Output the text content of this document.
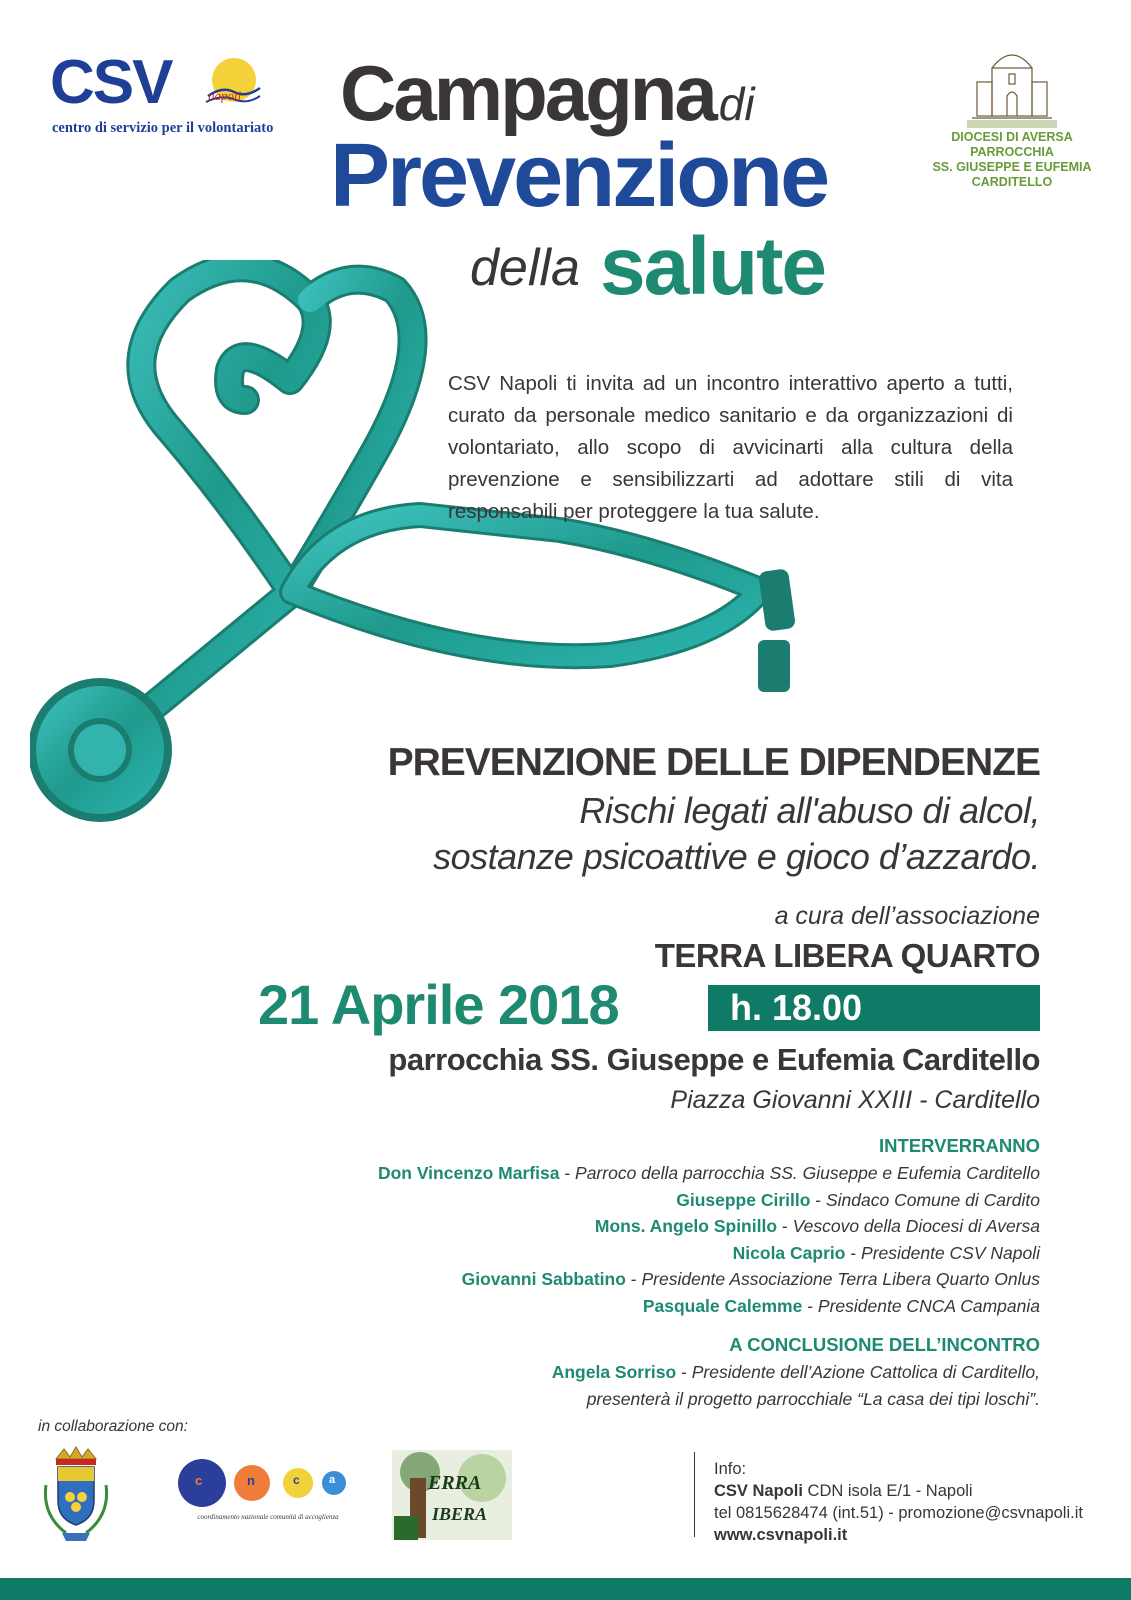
CSV	napoli
centro di servizio per il volontariato Campagnadi
Prevenzione
della salute
DIOCESI DI AVERSA
PARROCCHIA
SS. GIUSEPPE E EUFEMIA
CARDITELLO
CSV Napoli ti invita ad un incontro interattivo aperto a tutti, curato da personale medico sanitario e da organizzazioni di volontariato, allo scopo di avvicinarti alla cultura della prevenzione e sensibilizzarti ad adottare stili di vita responsabili per proteggere la tua salute.
PREVENZIONE DELLE DIPENDENZE
Rischi legati all'abuso di alcol,
sostanze psicoattive e gioco d’azzardo.
a cura dell’associazione
TERRA LIBERA QUARTO
21 Aprile 2018	h. 18.00
parrocchia SS. Giuseppe e Eufemia Carditello
Piazza Giovanni XXIII - Carditello
INTERVERRANNO
Don Vincenzo Marfisa - Parroco della parrocchia SS. Giuseppe e Eufemia Carditello
Giuseppe Cirillo - Sindaco Comune di Cardito
Mons. Angelo Spinillo - Vescovo della Diocesi di Aversa
Nicola Caprio - Presidente CSV Napoli
Giovanni Sabbatino - Presidente Associazione Terra Libera Quarto Onlus
Pasquale Calemme - Presidente CNCA Campania
A CONCLUSIONE DELL’INCONTRO
Angela Sorriso - Presidente dell’Azione Cattolica di Carditello,
presenterà il progetto parrocchiale “La casa dei tipi loschi”.
in collaborazione con:
c	n	c	a
coordinamento nazionale comunità di accoglienza
ERRA
IBERA
Info:
CSV Napoli CDN isola E/1 - Napoli
tel 0815628474 (int.51) - promozione@csvnapoli.it
www.csvnapoli.it
